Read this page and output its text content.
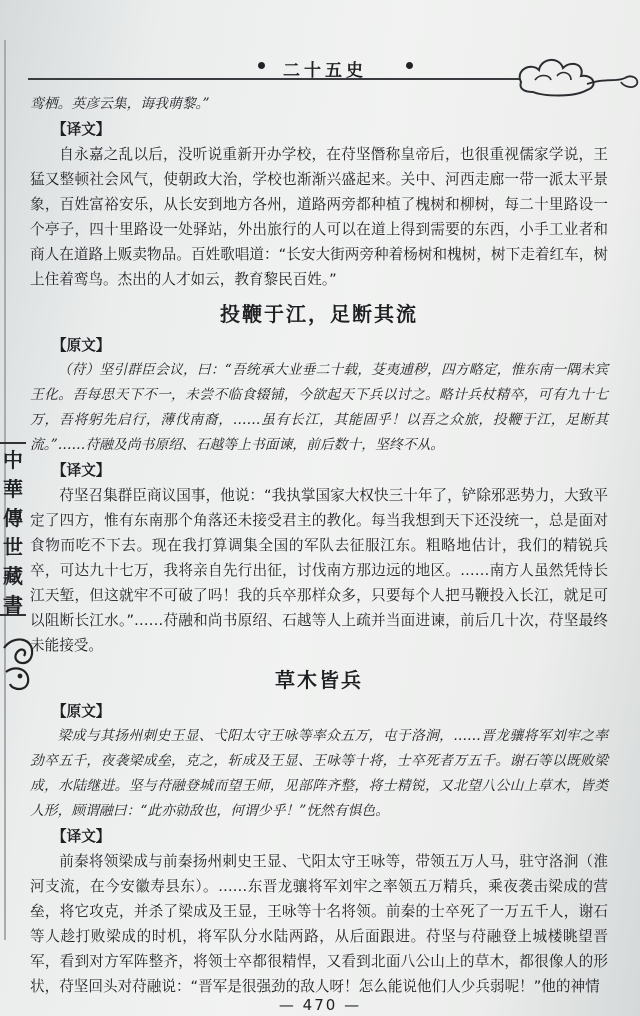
二十五史
中
華
傳
世
藏
書

鸾栖。英彦云集，诲我萌黎。”

【译文】

自永嘉之乱以后，没听说重新开办学校，在苻坚僭称皇帝后，也很重视儒家学说，王猛又整顿社会风气，使朝政大治，学校也渐渐兴盛起来。关中、河西走廊一带一派太平景象，百姓富裕安乐，从长安到地方各州，道路两旁都种植了槐树和柳树，每二十里路设一个亭子，四十里路设一处驿站，外出旅行的人可以在道上得到需要的东西，小手工业者和商人在道路上贩卖物品。百姓歌唱道：“长安大街两旁种着杨树和槐树，树下走着红车，树上住着鸾鸟。杰出的人才如云，教育黎民百姓。”

投鞭于江，足断其流

【原文】

（苻）坚引群臣会议，曰：“吾统承大业垂二十载，芟夷逋秽，四方略定，惟东南一隅未宾王化。吾每思天下不一，未尝不临食辍铺，今欲起天下兵以讨之。略计兵杖精卒，可有九十七万，吾将躬先启行，薄伐南裔，……虽有长江，其能固乎！以吾之众旅，投鞭于江，足断其流。”……苻融及尚书原绍、石越等上书面谏，前后数十，坚终不从。

【译文】

苻坚召集群臣商议国事，他说：“我执掌国家大权快三十年了，铲除邪恶势力，大致平定了四方，惟有东南那个角落还未接受君主的教化。每当我想到天下还没统一，总是面对食物而吃不下去。现在我打算调集全国的军队去征服江东。粗略地估计，我们的精锐兵卒，可达九十七万，我将亲自先行出征，讨伐南方那边远的地区。……南方人虽然凭恃长江天堑，但这就牢不可破了吗！我的兵卒那样众多，只要每个人把马鞭投入长江，就足可以阻断长江水。”……苻融和尚书原绍、石越等人上疏并当面进谏，前后几十次，苻坚最终未能接受。

草木皆兵

【原文】

梁成与其扬州刺史王显、弋阳太守王咏等率众五万，屯于洛涧，……晋龙骧将军刘牢之率劲卒五千，夜袭梁成垒，克之，斩成及王显、王咏等十将，士卒死者万五千。谢石等以既败梁成，水陆继进。坚与苻融登城而望王师，见部阵齐整，将士精锐，又北望八公山上草木，皆类人形，顾谓融曰：“此亦勍敌也，何谓少乎！”怃然有惧色。

【译文】

前秦将领梁成与前秦扬州刺史王显、弋阳太守王咏等，带领五万人马，驻守洛涧（淮河支流，在今安徽寿县东）。……东晋龙骧将军刘牢之率领五万精兵，乘夜袭击梁成的营垒，将它攻克，并杀了梁成及王显，王咏等十名将领。前秦的士卒死了一万五千人，谢石等人趁打败梁成的时机，将军队分水陆两路，从后面跟进。苻坚与苻融登上城楼眺望晋军，看到对方军阵整齐，将领士卒都很精悍，又看到北面八公山上的草木，都很像人的形状，苻坚回头对苻融说：“晋军是很强劲的敌人呀！怎么能说他们人少兵弱呢！”他的神情

— 470 —
